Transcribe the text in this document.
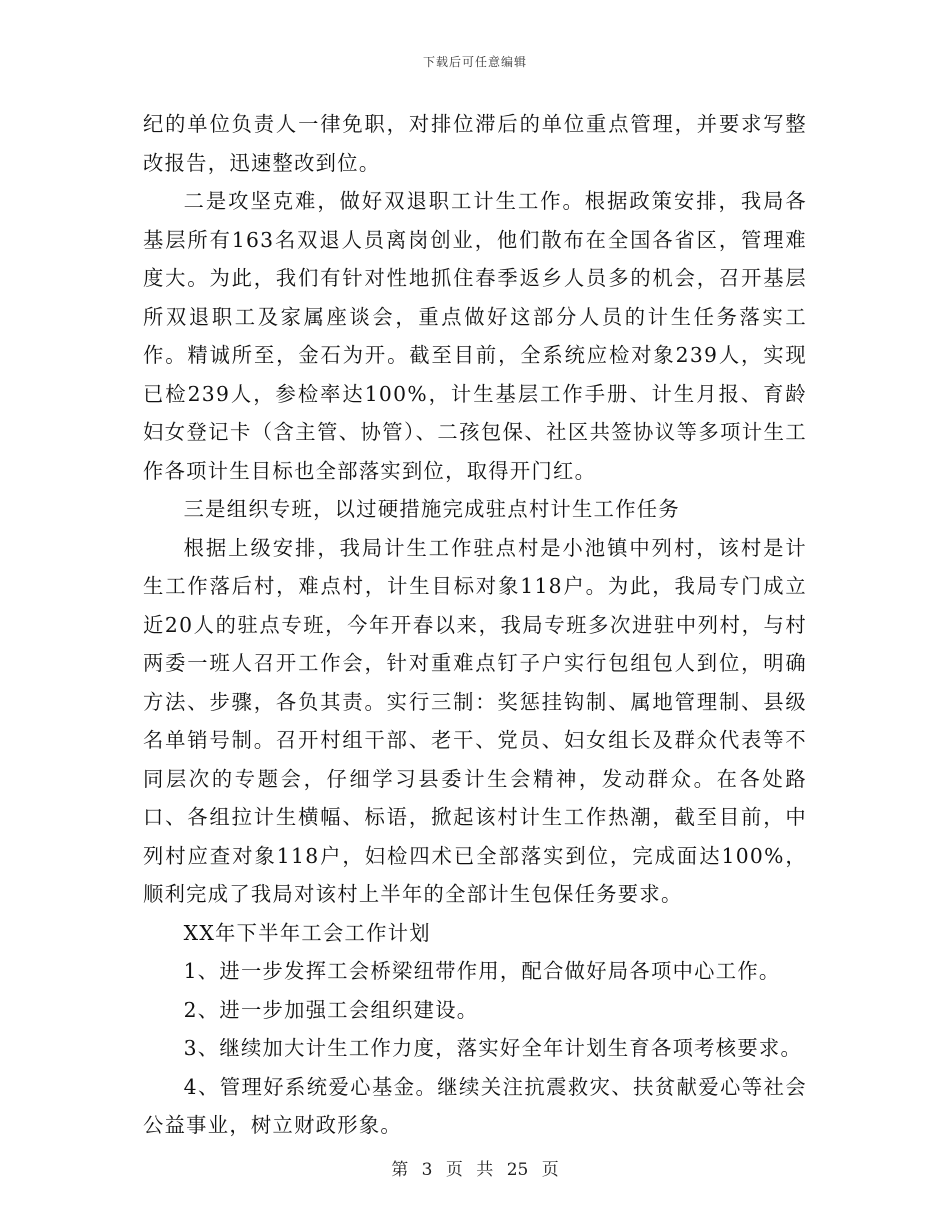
下载后可任意编辑

纪的单位负责人一律免职，对排位滞后的单位重点管理，并要求写整改报告，迅速整改到位。

二是攻坚克难，做好双退职工计生工作。根据政策安排，我局各基层所有163名双退人员离岗创业，他们散布在全国各省区，管理难度大。为此，我们有针对性地抓住春季返乡人员多的机会，召开基层所双退职工及家属座谈会，重点做好这部分人员的计生任务落实工作。精诚所至，金石为开。截至目前，全系统应检对象239人，实现已检239人，参检率达100%，计生基层工作手册、计生月报、育龄妇女登记卡（含主管、协管）、二孩包保、社区共签协议等多项计生工作各项计生目标也全部落实到位，取得开门红。

三是组织专班，以过硬措施完成驻点村计生工作任务

根据上级安排，我局计生工作驻点村是小池镇中列村，该村是计生工作落后村，难点村，计生目标对象118户。为此，我局专门成立近20人的驻点专班，今年开春以来，我局专班多次进驻中列村，与村两委一班人召开工作会，针对重难点钉子户实行包组包人到位，明确方法、步骤，各负其责。实行三制：奖惩挂钩制、属地管理制、县级名单销号制。召开村组干部、老干、党员、妇女组长及群众代表等不同层次的专题会，仔细学习县委计生会精神，发动群众。在各处路口、各组拉计生横幅、标语，掀起该村计生工作热潮，截至目前，中列村应查对象118户，妇检四术已全部落实到位，完成面达100%，顺利完成了我局对该村上半年的全部计生包保任务要求。

XX年下半年工会工作计划

1、进一步发挥工会桥梁纽带作用，配合做好局各项中心工作。

2、进一步加强工会组织建设。

3、继续加大计生工作力度，落实好全年计划生育各项考核要求。

4、管理好系统爱心基金。继续关注抗震救灾、扶贫献爱心等社会公益事业，树立财政形象。

第 3 页 共 25 页
